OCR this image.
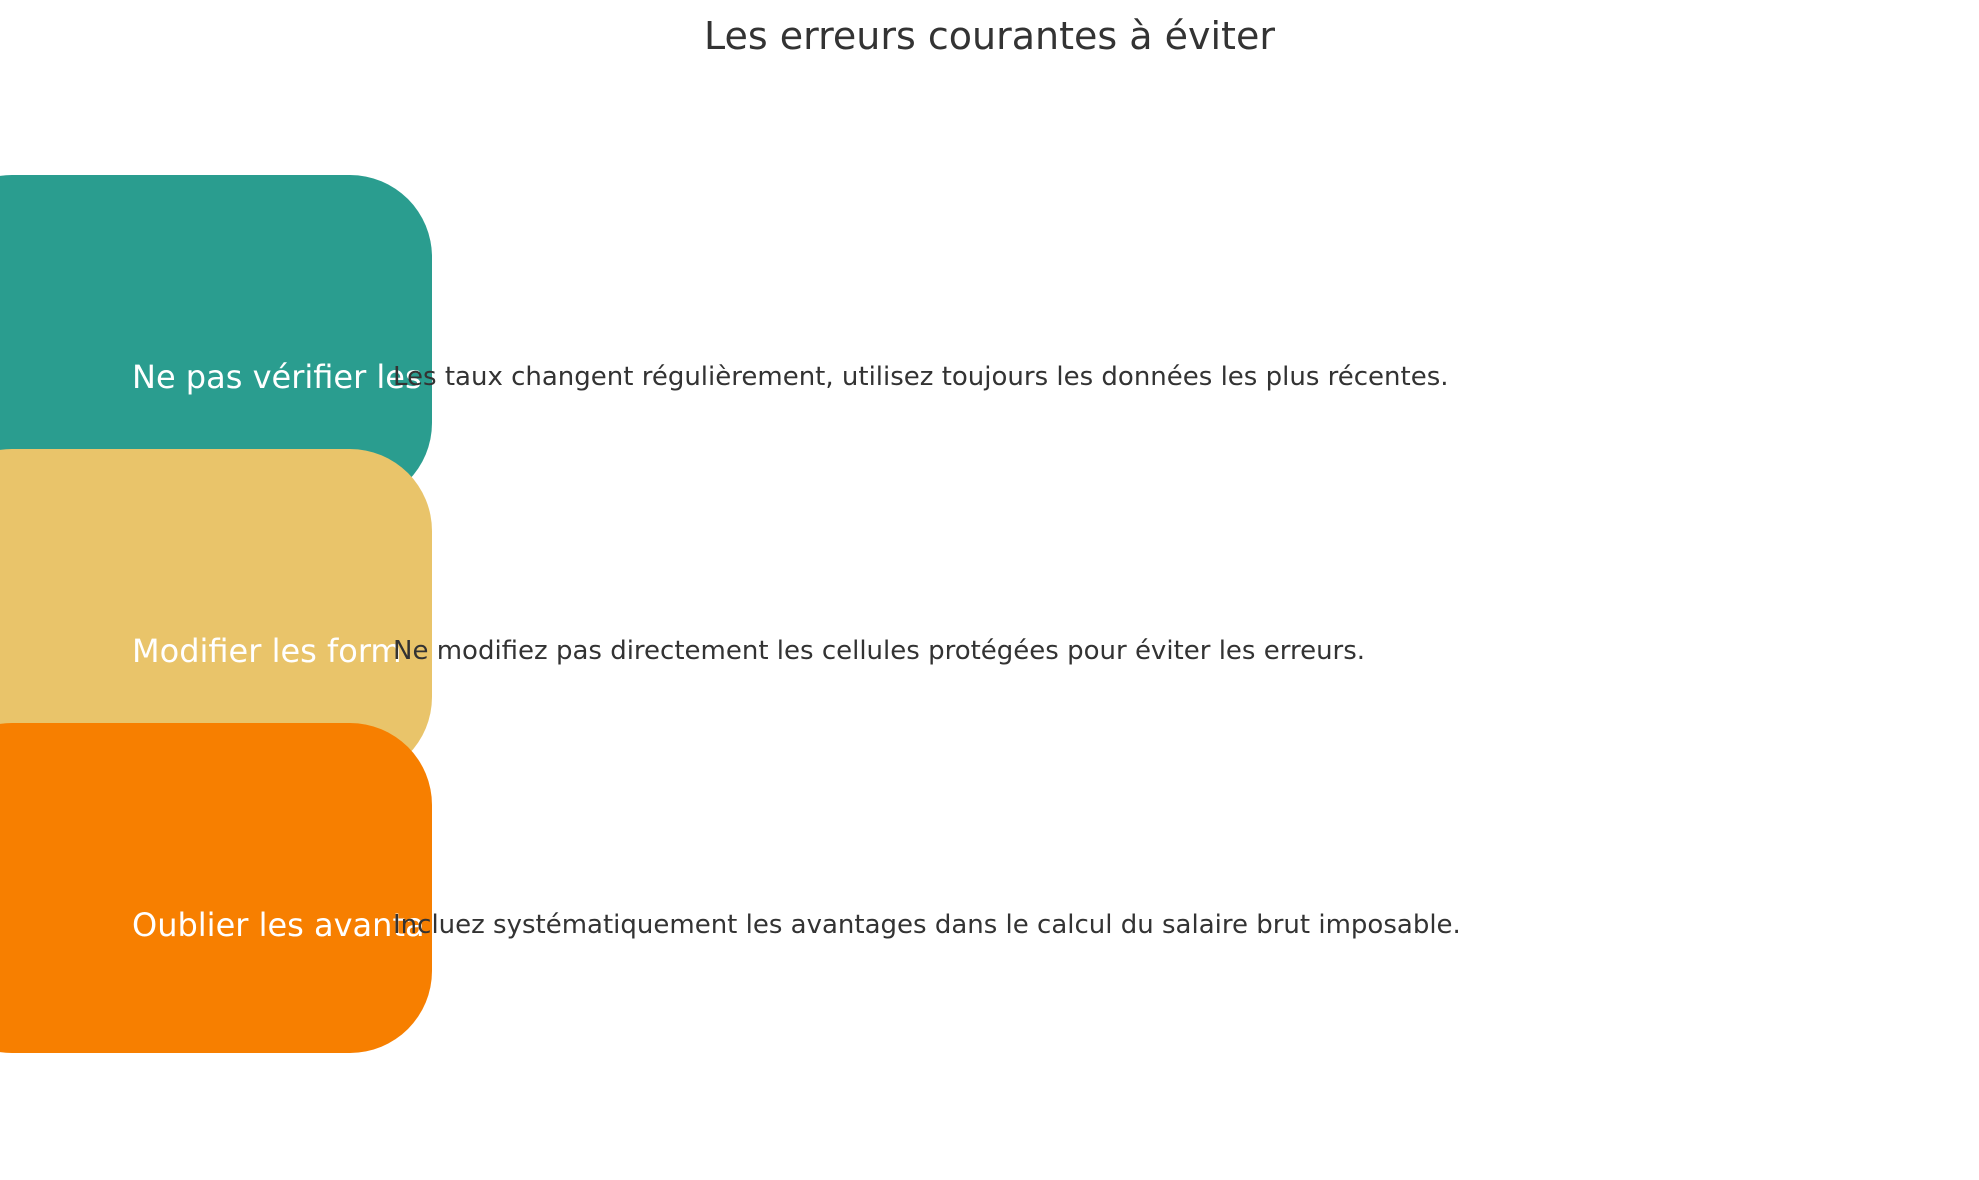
Les erreurs courantes à éviter
Ne pas vérifier les
Les taux changent régulièrement, utilisez toujours les données les plus récentes.
Modifier les form
Ne modifiez pas directement les cellules protégées pour éviter les erreurs.
Oublier les avanta
Incluez systématiquement les avantages dans le calcul du salaire brut imposable.
